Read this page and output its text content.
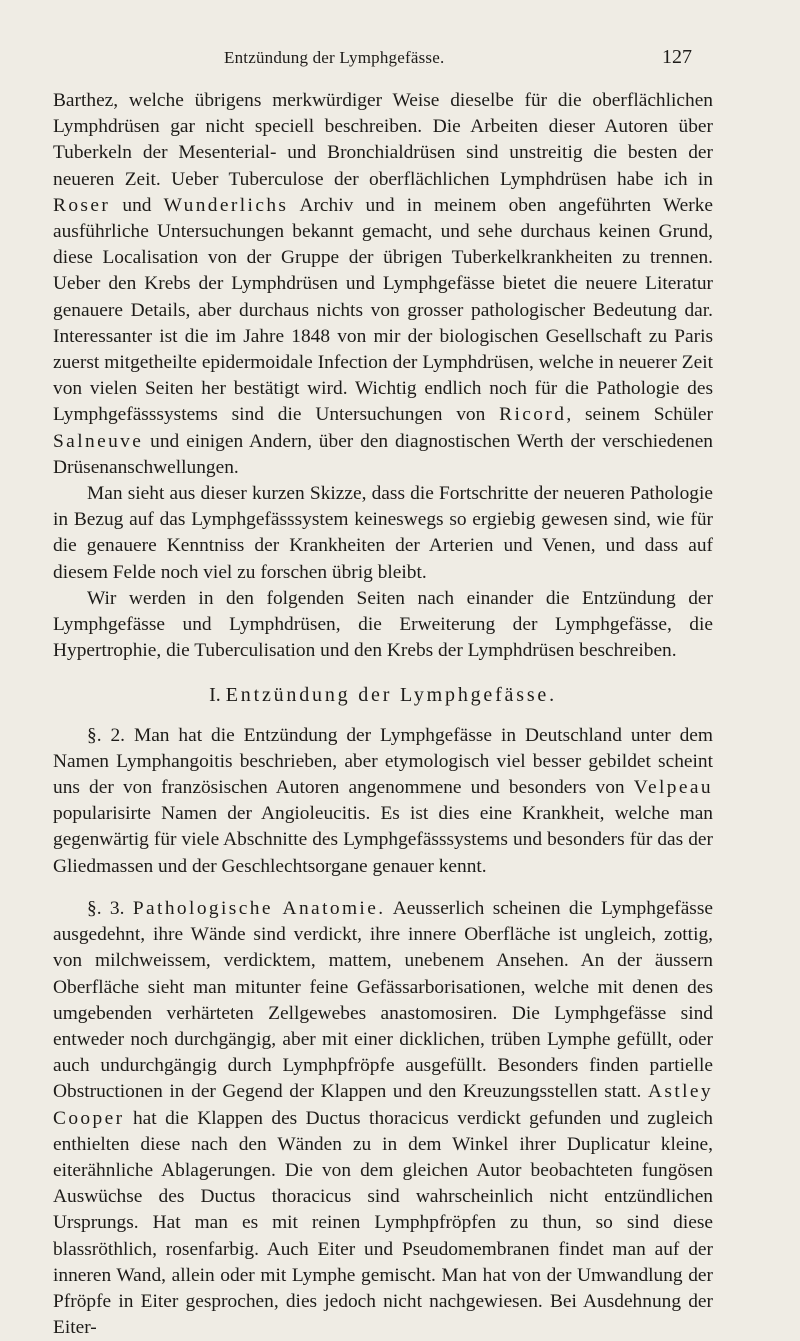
Entzündung der Lymphgefässe.	127

Barthez, welche übrigens merkwürdiger Weise dieselbe für die oberflächlichen Lymphdrüsen gar nicht speciell beschreiben. Die Arbeiten dieser Autoren über Tuberkeln der Mesenterial- und Bronchialdrüsen sind unstreitig die besten der neueren Zeit. Ueber Tuberculose der oberflächlichen Lymphdrüsen habe ich in Roser und Wunderlichs Archiv und in meinem oben angeführten Werke ausführliche Untersuchungen bekannt gemacht, und sehe durchaus keinen Grund, diese Localisation von der Gruppe der übrigen Tuberkelkrankheiten zu trennen. Ueber den Krebs der Lymphdrüsen und Lymphgefässe bietet die neuere Literatur genauere Details, aber durchaus nichts von grosser pathologischer Bedeutung dar. Interessanter ist die im Jahre 1848 von mir der biologischen Gesellschaft zu Paris zuerst mitgetheilte epidermoidale Infection der Lymphdrüsen, welche in neuerer Zeit von vielen Seiten her bestätigt wird. Wichtig endlich noch für die Pathologie des Lymphgefässsystems sind die Untersuchungen von Ricord, seinem Schüler Salneuve und einigen Andern, über den diagnostischen Werth der verschiedenen Drüsenanschwellungen.

Man sieht aus dieser kurzen Skizze, dass die Fortschritte der neueren Pathologie in Bezug auf das Lymphgefässsystem keineswegs so ergiebig gewesen sind, wie für die genauere Kenntniss der Krankheiten der Arterien und Venen, und dass auf diesem Felde noch viel zu forschen übrig bleibt.

Wir werden in den folgenden Seiten nach einander die Entzündung der Lymphgefässe und Lymphdrüsen, die Erweiterung der Lymphgefässe, die Hypertrophie, die Tuberculisation und den Krebs der Lymphdrüsen beschreiben.

I. Entzündung der Lymphgefässe.

§. 2. Man hat die Entzündung der Lymphgefässe in Deutschland unter dem Namen Lymphangoitis beschrieben, aber etymologisch viel besser gebildet scheint uns der von französischen Autoren angenommene und besonders von Velpeau popularisirte Namen der Angioleucitis. Es ist dies eine Krankheit, welche man gegenwärtig für viele Abschnitte des Lymphgefässsystems und besonders für das der Gliedmassen und der Geschlechtsorgane genauer kennt.

§. 3. Pathologische Anatomie. Aeusserlich scheinen die Lymphgefässe ausgedehnt, ihre Wände sind verdickt, ihre innere Oberfläche ist ungleich, zottig, von milchweissem, verdicktem, mattem, unebenem Ansehen. An der äussern Oberfläche sieht man mitunter feine Gefässarborisationen, welche mit denen des umgebenden verhärteten Zellgewebes anastomosiren. Die Lymphgefässe sind entweder noch durchgängig, aber mit einer dicklichen, trüben Lymphe gefüllt, oder auch undurchgängig durch Lymphpfröpfe ausgefüllt. Besonders finden partielle Obstructionen in der Gegend der Klappen und den Kreuzungsstellen statt. Astley Cooper hat die Klappen des Ductus thoracicus verdickt gefunden und zugleich enthielten diese nach den Wänden zu in dem Winkel ihrer Duplicatur kleine, eiterähnliche Ablagerungen. Die von dem gleichen Autor beobachteten fungösen Auswüchse des Ductus thoracicus sind wahrscheinlich nicht entzündlichen Ursprungs. Hat man es mit reinen Lymphpfröpfen zu thun, so sind diese blassröthlich, rosenfarbig. Auch Eiter und Pseudomembranen findet man auf der inneren Wand, allein oder mit Lymphe gemischt. Man hat von der Umwandlung der Pfröpfe in Eiter gesprochen, dies jedoch nicht nachgewiesen. Bei Ausdehnung der Eiter-
